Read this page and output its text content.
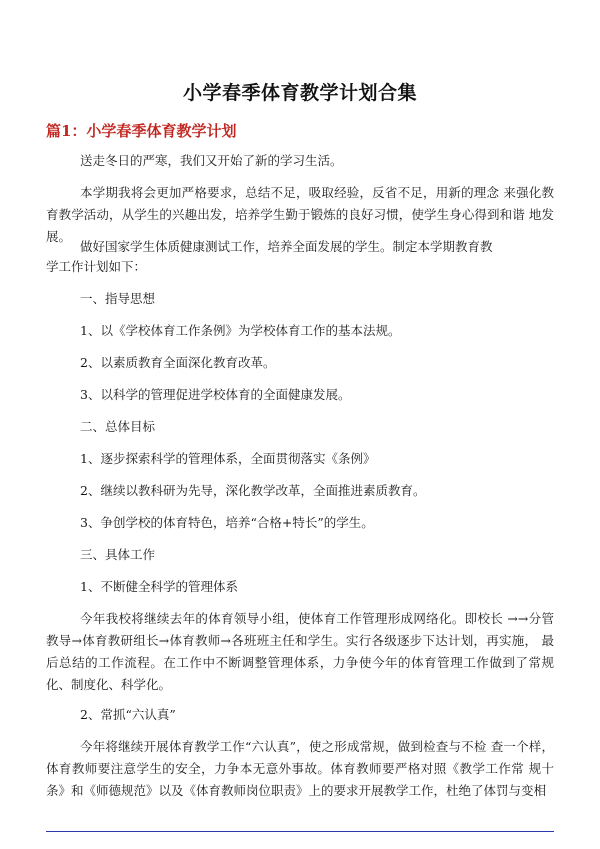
小学春季体育教学计划合集
篇1：小学春季体育教学计划
送走冬日的严寒，我们又开始了新的学习生活。
本学期我将会更加严格要求，总结不足，吸取经验，反省不足，用新的理念 来强化教育教学活动，从学生的兴趣出发，培养学生勤于锻炼的良好习惯，使学生身心得到和谐 地发展。
做好国家学生体质健康测试工作，培养全面发展的学生。制定本学期教育教
学工作计划如下：
一、指导思想
1、以《学校体育工作条例》为学校体育工作的基本法规。
2、以素质教育全面深化教育改革。
3、以科学的管理促进学校体育的全面健康发展。
二、总体目标
1、逐步探索科学的管理体系，全面贯彻落实《条例》
2、继续以教科研为先导，深化教学改革，全面推进素质教育。
3、争创学校的体育特色，培养“合格+特长”的学生。
三、具体工作
1、不断健全科学的管理体系
今年我校将继续去年的体育领导小组，使体育工作管理形成网络化。即校长 →→分管教导→体育教研组长→体育教师→各班班主任和学生。实行各级逐步下达计划，再实施， 最后总结的工作流程。在工作中不断调整管理体系，力争使今年的体育管理工作做到了常规化、制度化、科学化。
2、常抓“六认真”
今年将继续开展体育教学工作“六认真”，使之形成常规，做到检查与不检 查一个样，体育教师要注意学生的安全，力争本无意外事故。体育教师要严格对照《教学工作常 规十条》和《师德规范》以及《体育教师岗位职责》上的要求开展教学工作，杜绝了体罚与变相
